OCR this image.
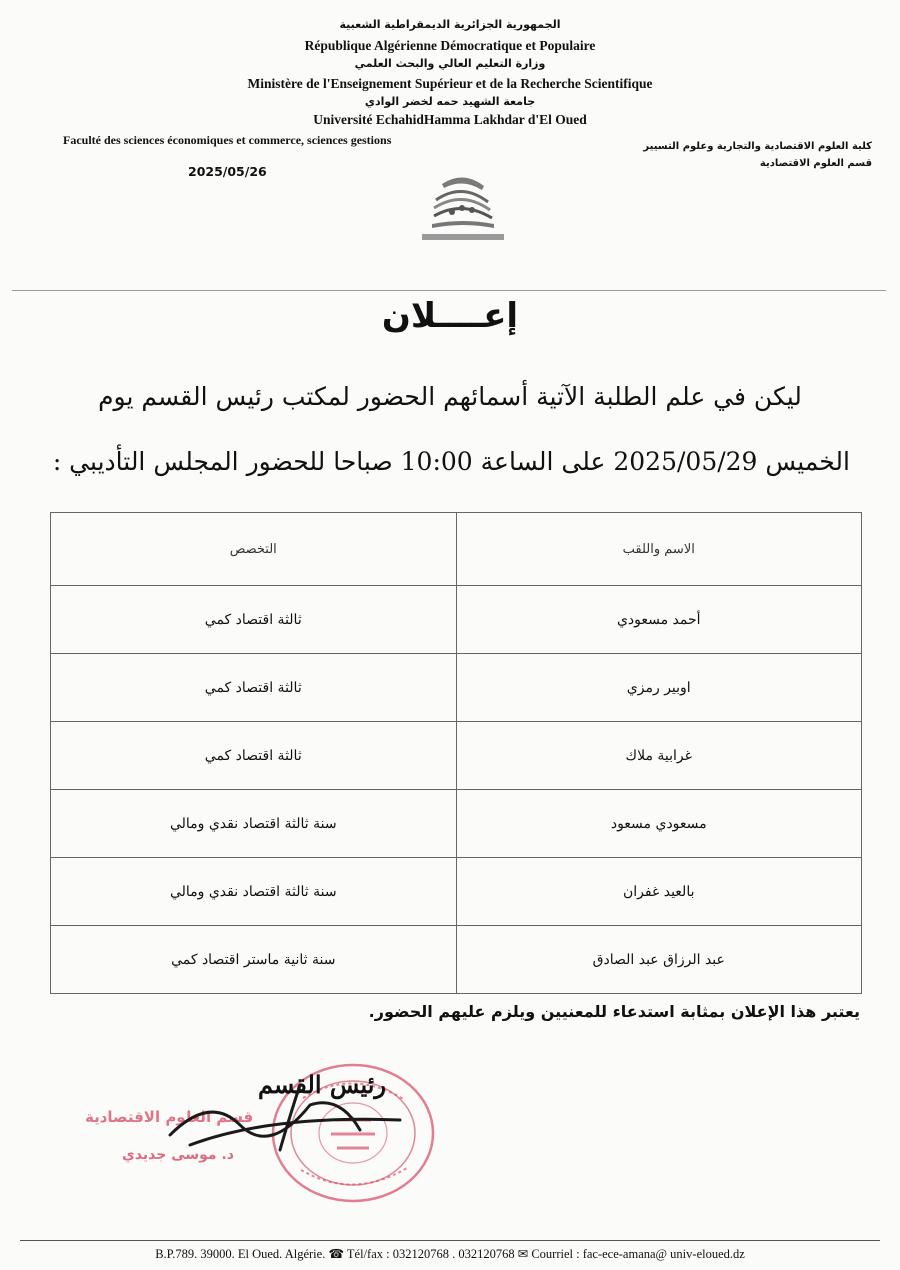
الجمهورية الجزائرية الديمقراطية الشعبية
République Algérienne Démocratique et Populaire
وزارة التعليم العالي والبحث العلمي
Ministère de l'Enseignement Supérieur et de la Recherche Scientifique
جامعة الشهيد حمه لخضر الوادي
Université EchahidHamma Lakhdar d'El Oued
Faculté des sciences économiques et commerce, sciences gestions
2025/05/26
كلية العلوم الاقتصادية والتجارية وعلوم التسيير
قسم العلوم الاقتصادية
إعــــلان
ليكن في علم الطلبة الآتية أسمائهم الحضور لمكتب رئيس القسم يوم
الخميس 2025/05/29 على الساعة 10:00 صباحا للحضور المجلس التأديبي :
الاسم واللقب	التخصص
أحمد مسعودي	ثالثة اقتصاد كمي
اوبير رمزي	ثالثة اقتصاد كمي
غرابية ملاك	ثالثة اقتصاد كمي
مسعودي مسعود	سنة ثالثة اقتصاد نقدي ومالي
بالعيد غفران	سنة ثالثة اقتصاد نقدي ومالي
عبد الرزاق عبد الصادق	سنة ثانية ماستر اقتصاد كمي
يعتبر هذا الإعلان بمثابة استدعاء للمعنيين ويلزم عليهم الحضور.
رئيس القسم
قسم العلوم الاقتصادية
د. موسى جديدي
B.P.789. 39000. El Oued. Algérie. ☎ Tél/fax : 032120768 . 032120768 ✉ Courriel : fac-ece-amana@ univ-eloued.dz
